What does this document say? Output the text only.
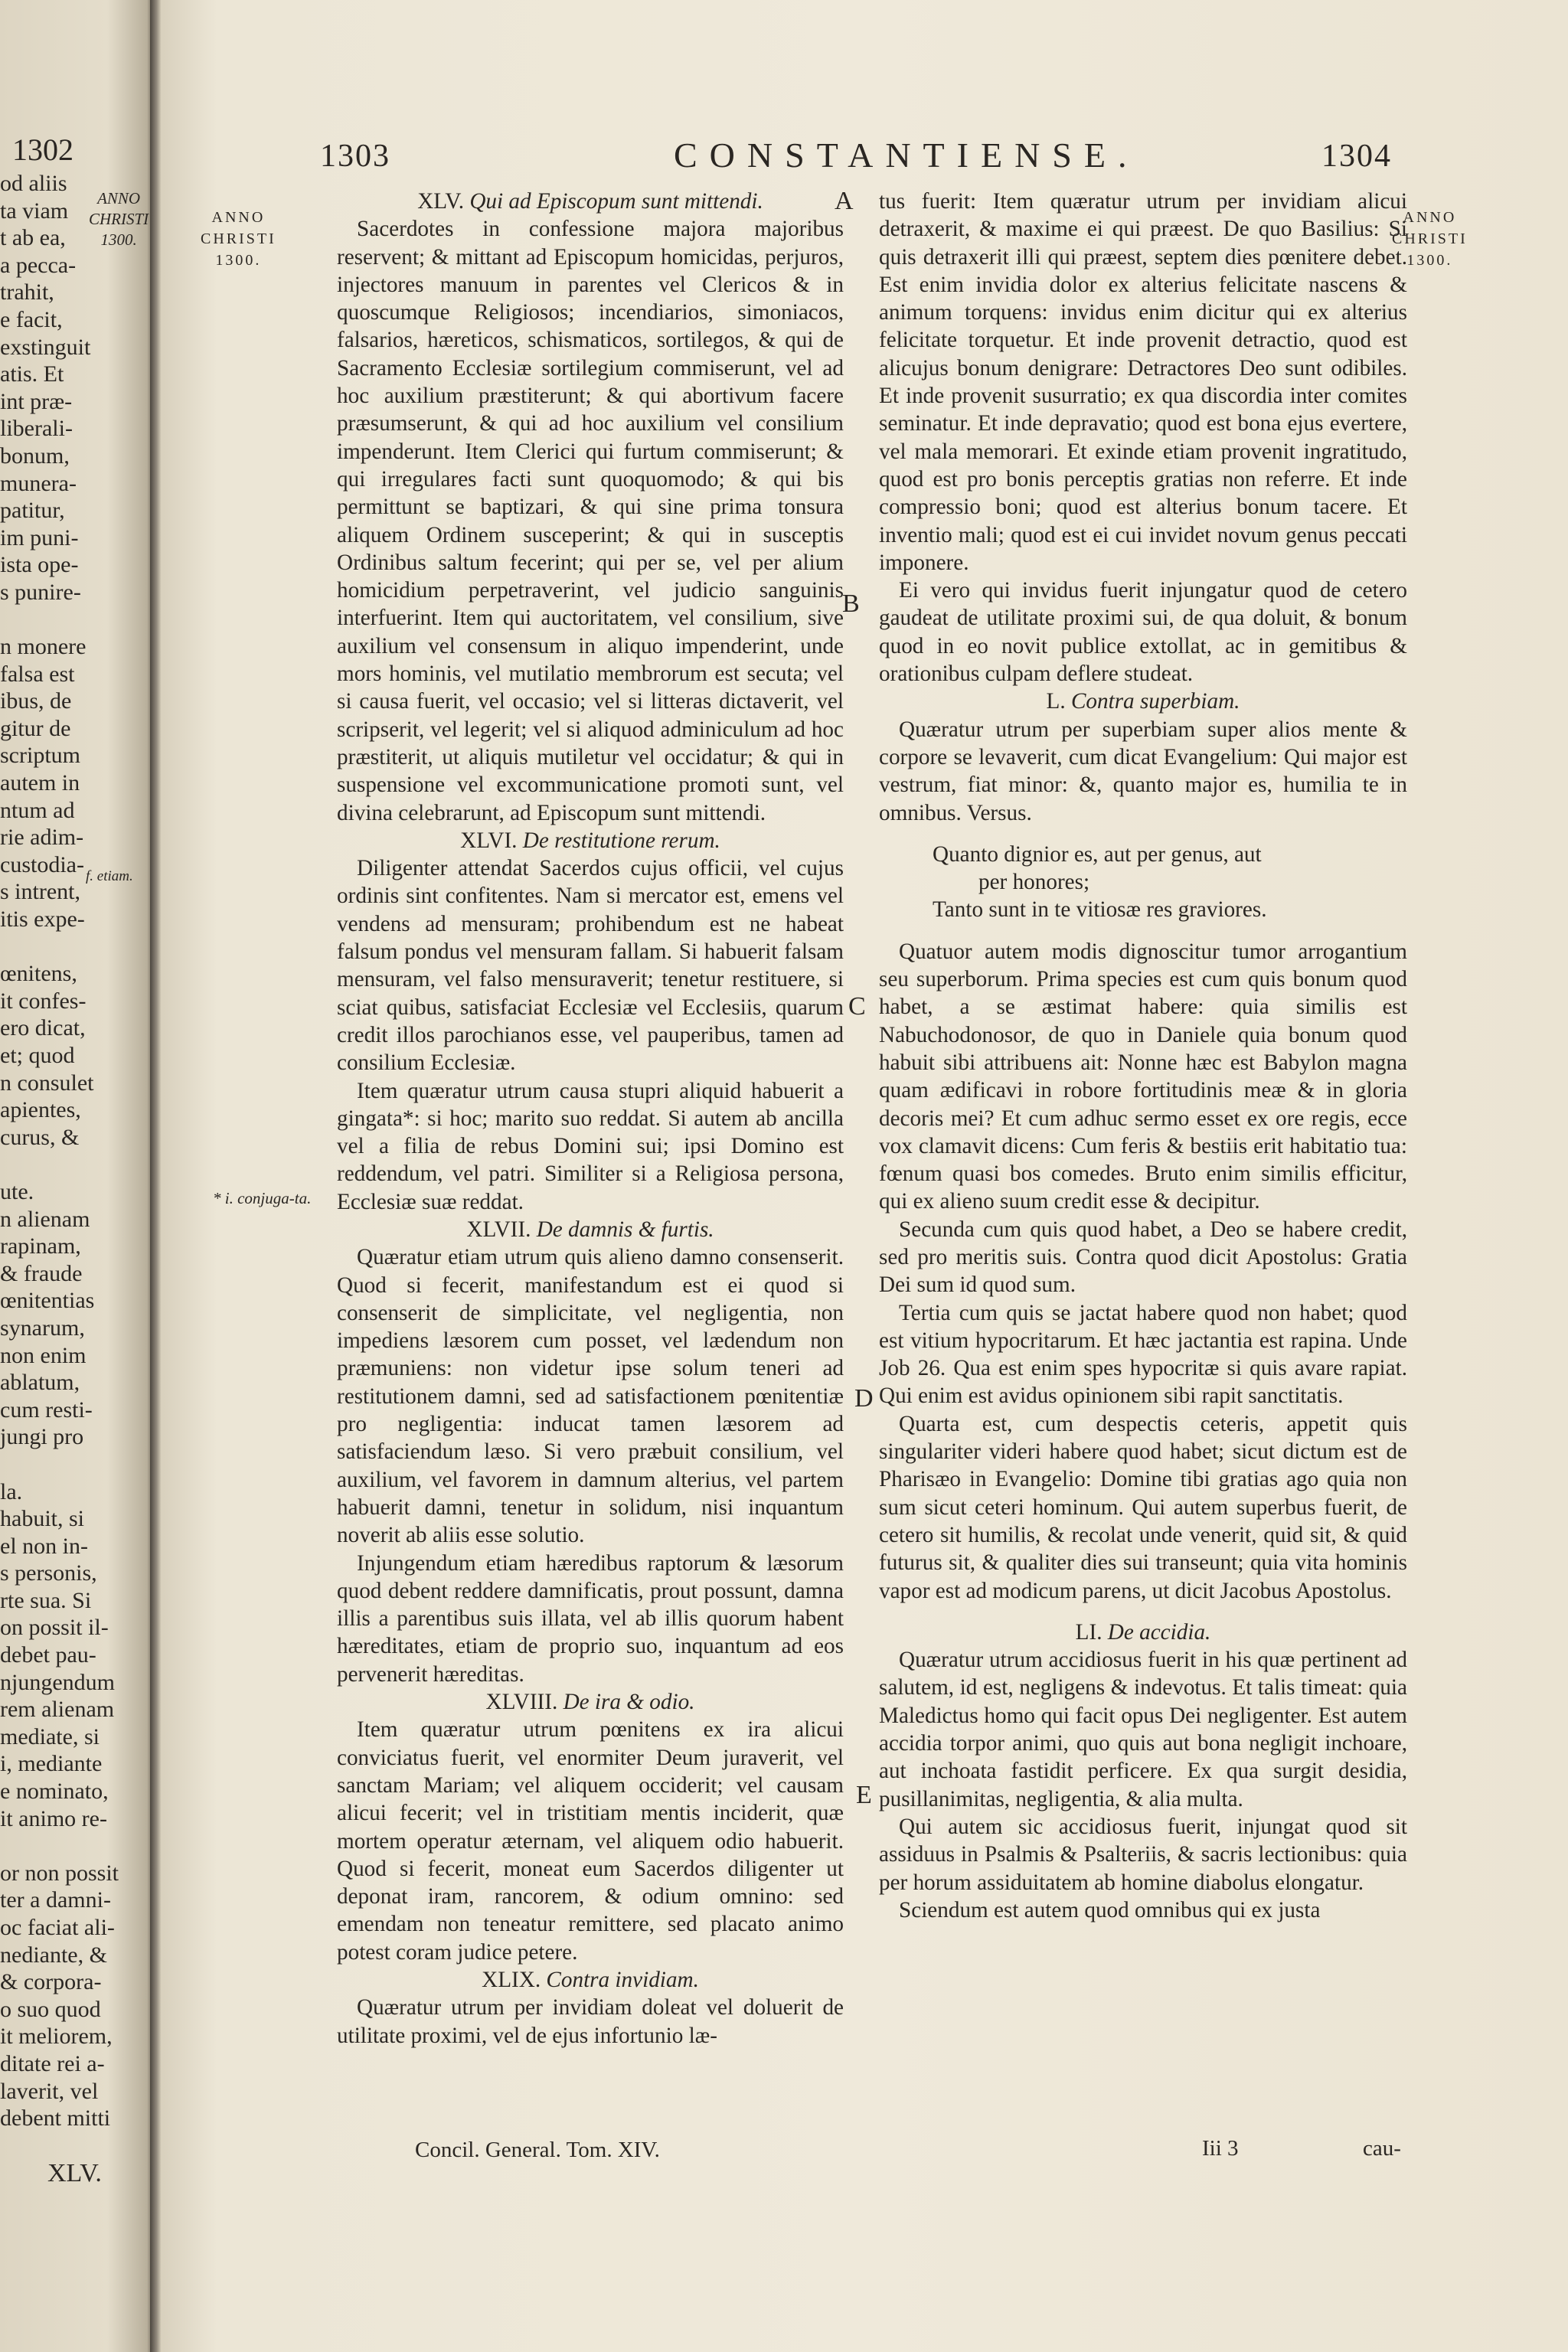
1302
od aliis
ta viam
t ab ea,
a pecca-
trahit,
e facit,
exstinguit
atis. Et
int præ-
liberali-
bonum,
munera-
patitur,
im puni-
ista ope-
s punire-
n monere
falsa est
ibus, de
gitur de
scriptum
autem in
ntum ad
rie adim-
custodia-
s intrent,
itis expe-
œnitens,
it confes-
ero dicat,
et; quod
n consulet
apientes,
curus, &
ute.
n alienam
rapinam,
& fraude
œnitentias
synarum,
non enim
ablatum,
cum resti-
jungi pro
la.
habuit, si
el non in-
s personis,
rte sua. Si
on possit il-
debet pau-
njungendum
rem alienam
mediate, si
i, mediante
e nominato,
it animo re-
or non possit
ter a damni-
oc faciat ali-
nediante, &
& corpora-
o suo quod
it meliorem,
ditate rei a-
laverit, vel
debent mitti
ANNO
CHRISTI
1300.
f. etiam.
XLV.
1303	CONSTANTIENSE.	1304
ANNO
CHRISTI
1300.
ANNO
CHRISTI
1300.
* i. conjuga-ta.
A
B
C
D
E

XLV. Qui ad Episcopum sunt mittendi.

Sacerdotes in confessione majora majoribus reservent; & mittant ad Episcopum homicidas, perjuros, injectores manuum in parentes vel Clericos & in quoscumque Religiosos; incendiarios, simoniacos, falsarios, hæreticos, schismaticos, sortilegos, & qui de Sacramento Ecclesiæ sortilegium commiserunt, vel ad hoc auxilium præstiterunt; & qui abortivum facere præsumserunt, & qui ad hoc auxilium vel consilium impenderunt. Item Clerici qui furtum commiserunt; & qui irregulares facti sunt quoquomodo; & qui bis permittunt se baptizari, & qui sine prima tonsura aliquem Ordinem susceperint; & qui in susceptis Ordinibus saltum fecerint; qui per se, vel per alium homicidium perpetraverint, vel judicio sanguinis interfuerint. Item qui auctoritatem, vel consilium, sive auxilium vel consensum in aliquo impenderint, unde mors hominis, vel mutilatio membrorum est secuta; vel si causa fuerit, vel occasio; vel si litteras dictaverit, vel scripserit, vel legerit; vel si aliquod adminiculum ad hoc præstiterit, ut aliquis mutiletur vel occidatur; & qui in suspensione vel excommunicatione promoti sunt, vel divina celebrarunt, ad Episcopum sunt mittendi.

XLVI. De restitutione rerum.

Diligenter attendat Sacerdos cujus officii, vel cujus ordinis sint confitentes. Nam si mercator est, emens vel vendens ad mensuram; prohibendum est ne habeat falsum pondus vel mensuram fallam. Si habuerit falsam mensuram, vel falso mensuraverit; tenetur restituere, si sciat quibus, satisfaciat Ecclesiæ vel Ecclesiis, quarum credit illos parochianos esse, vel pauperibus, tamen ad consilium Ecclesiæ.

Item quæratur utrum causa stupri aliquid habuerit a gingata*: si hoc; marito suo reddat. Si autem ab ancilla vel a filia de rebus Domini sui; ipsi Domino est reddendum, vel patri. Similiter si a Religiosa persona, Ecclesiæ suæ reddat.

XLVII. De damnis & furtis.

Quæratur etiam utrum quis alieno damno consenserit. Quod si fecerit, manifestandum est ei quod si consenserit de simplicitate, vel negligentia, non impediens læsorem cum posset, vel lædendum non præmuniens: non videtur ipse solum teneri ad restitutionem damni, sed ad satisfactionem pœnitentiæ pro negligentia: inducat tamen læsorem ad satisfaciendum læso. Si vero præbuit consilium, vel auxilium, vel favorem in damnum alterius, vel partem habuerit damni, tenetur in solidum, nisi inquantum noverit ab aliis esse solutio.

Injungendum etiam hæredibus raptorum & læsorum quod debent reddere damnificatis, prout possunt, damna illis a parentibus suis illata, vel ab illis quorum habent hæreditates, etiam de proprio suo, inquantum ad eos pervenerit hæreditas.

XLVIII. De ira & odio.

Item quæratur utrum pœnitens ex ira alicui conviciatus fuerit, vel enormiter Deum juraverit, vel sanctam Mariam; vel aliquem occiderit; vel causam alicui fecerit; vel in tristitiam mentis inciderit, quæ mortem operatur æternam, vel aliquem odio habuerit. Quod si fecerit, moneat eum Sacerdos diligenter ut deponat iram, rancorem, & odium omnino: sed emendam non teneatur remittere, sed placato animo potest coram judice petere.

XLIX. Contra invidiam.

Quæratur utrum per invidiam doleat vel doluerit de utilitate proximi, vel de ejus infortunio læ-

Concil. General. Tom. XIV.

tus fuerit: Item quæratur utrum per invidiam alicui detraxerit, & maxime ei qui præest. De quo Basilius: Si quis detraxerit illi qui præest, septem dies pœnitere debet. Est enim invidia dolor ex alterius felicitate nascens & animum torquens: invidus enim dicitur qui ex alterius felicitate torquetur. Et inde provenit detractio, quod est alicujus bonum denigrare: Detractores Deo sunt odibiles. Et inde provenit susurratio; ex qua discordia inter comites seminatur. Et inde depravatio; quod est bona ejus evertere, vel mala memorari. Et exinde etiam provenit ingratitudo, quod est pro bonis perceptis gratias non referre. Et inde compressio boni; quod est alterius bonum tacere. Et inventio mali; quod est ei cui invidet novum genus peccati imponere.

Ei vero qui invidus fuerit injungatur quod de cetero gaudeat de utilitate proximi sui, de qua doluit, & bonum quod in eo novit publice extollat, ac in gemitibus & orationibus culpam deflere studeat.

L. Contra superbiam.

Quæratur utrum per superbiam super alios mente & corpore se levaverit, cum dicat Evangelium: Qui major est vestrum, fiat minor: &, quanto major es, humilia te in omnibus. Versus.

Quanto dignior es, aut per genus, aut
per honores;
Tanto sunt in te vitiosæ res graviores.

Quatuor autem modis dignoscitur tumor arrogantium seu superborum. Prima species est cum quis bonum quod habet, a se æstimat habere: quia similis est Nabuchodonosor, de quo in Daniele quia bonum quod habuit sibi attribuens ait: Nonne hæc est Babylon magna quam ædificavi in robore fortitudinis meæ & in gloria decoris mei? Et cum adhuc sermo esset ex ore regis, ecce vox clamavit dicens: Cum feris & bestiis erit habitatio tua: fœnum quasi bos comedes. Bruto enim similis efficitur, qui ex alieno suum credit esse & decipitur.

Secunda cum quis quod habet, a Deo se habere credit, sed pro meritis suis. Contra quod dicit Apostolus: Gratia Dei sum id quod sum.

Tertia cum quis se jactat habere quod non habet; quod est vitium hypocritarum. Et hæc jactantia est rapina. Unde Job 26. Qua est enim spes hypocritæ si quis avare rapiat. Qui enim est avidus opinionem sibi rapit sanctitatis.

Quarta est, cum despectis ceteris, appetit quis singulariter videri habere quod habet; sicut dictum est de Pharisæo in Evangelio: Domine tibi gratias ago quia non sum sicut ceteri hominum. Qui autem superbus fuerit, de cetero sit humilis, & recolat unde venerit, quid sit, & quid futurus sit, & qualiter dies sui transeunt; quia vita hominis vapor est ad modicum parens, ut dicit Jacobus Apostolus.

LI. De accidia.

Quæratur utrum accidiosus fuerit in his quæ pertinent ad salutem, id est, negligens & indevotus. Et talis timeat: quia Maledictus homo qui facit opus Dei negligenter. Est autem accidia torpor animi, quo quis aut bona negligit inchoare, aut inchoata fastidit perficere. Ex qua surgit desidia, pusillanimitas, negligentia, & alia multa.

Qui autem sic accidiosus fuerit, injungat quod sit assiduus in Psalmis & Psalteriis, & sacris lectionibus: quia per horum assiduitatem ab homine diabolus elongatur.

Sciendum est autem quod omnibus qui ex justa

Iii 3	cau-
